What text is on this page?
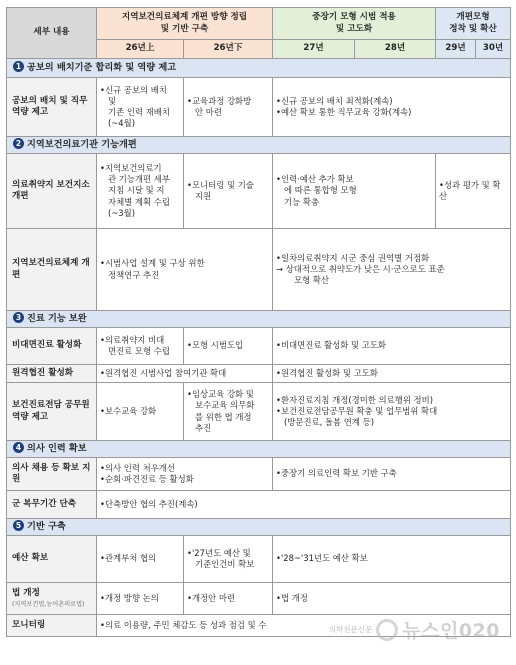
세부 내용	지역보건의료체계 개편 방향 정립
및 기반 구축		중장기 모형 시범 적용
및 고도화		개편모형
정착 및 확산	

	26년上	26년下	27년	28년	29년	30년
1 공보의 배치기준 합리화 및 역량 제고						
공보의 배치 및 직무역량 제고	•신규 공보의 배치
및
기존 인력 재배치
(~4월)	•교육과정 강화방
안 마련	•신규 공보의 배치 최적화(계속)
•예산 확보 통한 직무교육 강화(계속)			

2 지역보건의료기관 기능개편						
의료취약지 보건지소 개편	•지역보건의료기
관 기능개편 세부
지침 시달 및 지
자체별 계획 수립
(~3월)	•모니터링 및 기술
지원	•인력·예산 추가 확보
에 따른 통합형 모형
기능 확충		•성과 평가 및 확산	

지역보건의료체계 개편	•시범사업 설계 및 구상 위한
정책연구 추진		•일차의료취약지 시군 중심 권역별 거점화
→ 상대적으로 취약도가 낮은 시·군으로도 표준
모형 확산			

3 진료 기능 보완						
비대면진료 활성화	•의료취약지 비대
면진료 모형 수립	•모형 시범도입	•비대면진료 활성화 및 고도화			

원격협진 활성화	•원격협진 시범사업 참여기관 확대		•원격협진 활성화 및 고도화			

보건진료전담 공무원 역량 제고	•보수교육 강화	•임상교육 강화 및
보수교육 의무화
를 위한 법 개정
추진	•환자진료지침 개정(경미한 의료행위 정비)
•보건진료전담공무원 확충 및 업무범위 확대
(방문진료, 돌봄 연계 등)			

4 의사 인력 확보						
의사 채용 등 확보 지원	•의사 인력 처우개선
•순회·파견진료 등 활성화		•중장기 의료인력 확보 기반 구축			

군 복무기간 단축	•단축방안 협의 추진(계속)					

5 기반 구축						
예산 확보	•관계부처 협의	•'27년도 예산 및
기준인건비 확보	•'28~'31년도 예산 확보			

법 개정
(지역보건법,농어촌의료법)	•개정 방향 논의	•개정안 마련	•법 개정			

모니터링	•의료 이용량, 주민 체감도 등 성과 점검 및 수						의학전문신문 뉴스인020
